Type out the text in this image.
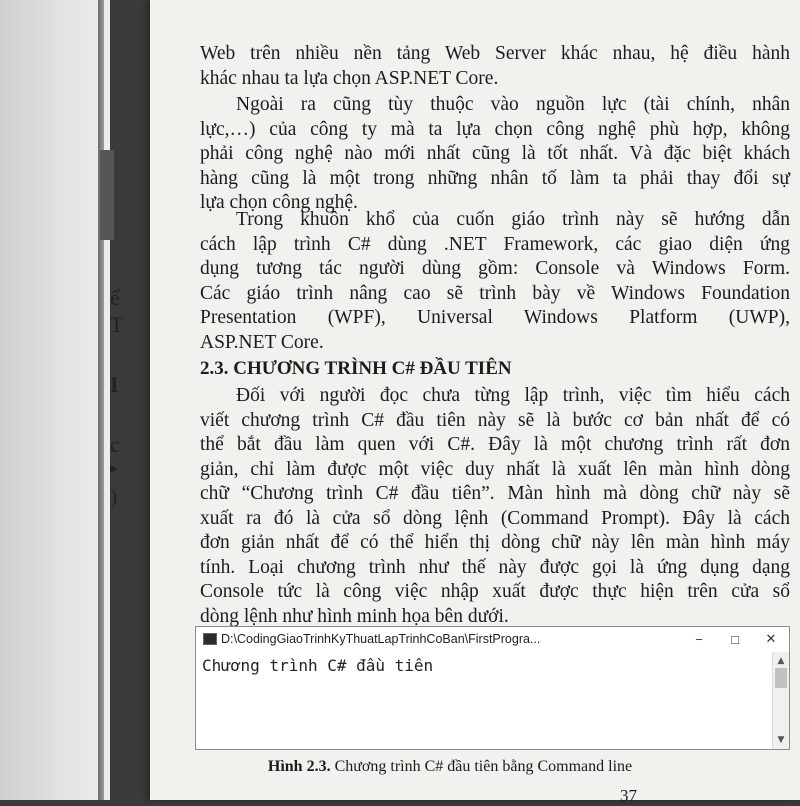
ể
T
I
c
▸
)
Web trên nhiều nền tảng Web Server khác nhau, hệ điều hành
khác nhau ta lựa chọn ASP.NET Core.
Ngoài ra cũng tùy thuộc vào nguồn lực (tài chính, nhân
lực,…) của công ty mà ta lựa chọn công nghệ phù hợp, không
phải công nghệ nào mới nhất cũng là tốt nhất. Và đặc biệt khách
hàng cũng là một trong những nhân tố làm ta phải thay đổi sự
lựa chọn công nghệ.
Trong khuôn khổ của cuốn giáo trình này sẽ hướng dẫn
cách lập trình C# dùng .NET Framework, các giao diện ứng
dụng tương tác người dùng gồm: Console và Windows Form.
Các giáo trình nâng cao sẽ trình bày về Windows Foundation
Presentation (WPF), Universal Windows Platform (UWP),
ASP.NET Core.
2.3. CHƯƠNG TRÌNH C# ĐẦU TIÊN
Đối với người đọc chưa từng lập trình, việc tìm hiểu cách
viết chương trình C# đầu tiên này sẽ là bước cơ bản nhất để có
thể bắt đầu làm quen với C#. Đây là một chương trình rất đơn
giản, chỉ làm được một việc duy nhất là xuất lên màn hình dòng
chữ “Chương trình C# đầu tiên”. Màn hình mà dòng chữ này sẽ
xuất ra đó là cửa sổ dòng lệnh (Command Prompt). Đây là cách
đơn giản nhất để có thể hiển thị dòng chữ này lên màn hình máy
tính. Loại chương trình như thế này được gọi là ứng dụng dạng
Console tức là công việc nhập xuất được thực hiện trên cửa sổ
dòng lệnh như hình minh họa bên dưới.
D:\CodingGiaoTrinhKyThuatLapTrinhCoBan\FirstProgra...	−	□	✕
Chương trình C# đầu tiên	▲
▼
Hình 2.3. Chương trình C# đầu tiên bằng Command line
37
